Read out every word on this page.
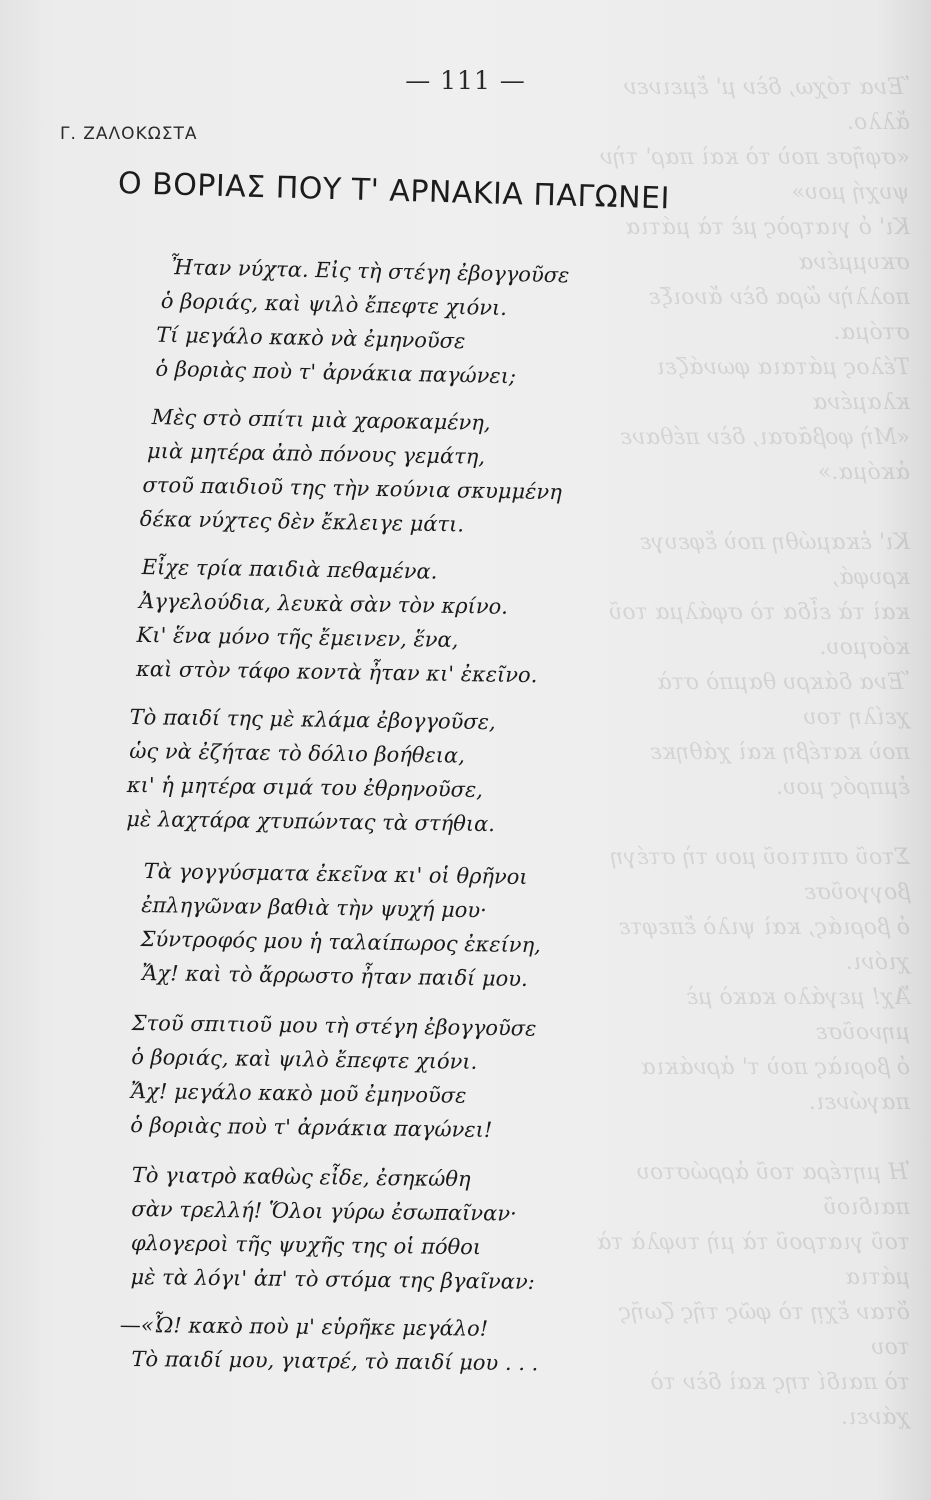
Ἕνα τόχω, δὲν μ' ἔμεινεν ἄλλο.
«σφῆσε ποὺ τὸ καὶ παρ' τὴν ψυχή μου»
Κι' ὁ γιατρὸς μὲ τὰ μάτια σκυμμένα
πολλὴν ὥρα δὲν ἄνοιξε στόμα.
Τέλος μάταια φωνάζει κλαμένα
«Μὴ φοβᾶσαι, δὲν πέθανε ἀκόμα.»

Κι' ἐκαμώθη ποὺ ἔφευγε κρυφά,
καὶ τὰ εἶδα τὸ σφάλμα τοῦ κόσμου.
Ἕνα δάκρυ θαμπὸ στὰ χείλη του
ποὺ κατέβη καὶ χάθηκε ἐμπρός μου.

Στοῦ σπιτιοῦ μου τὴ στέγη βογγοῦσε
ὁ βοριάς, καὶ ψιλὸ ἔπεφτε χιόνι.
Ἄχ! μεγάλο κακὸ μὲ μηνοῦσε
ὁ βοριὰς ποὺ τ' ἀρνάκια παγώνει.

Ἡ μητέρα τοῦ ἀρρώστου παιδιοῦ
τοῦ γιατροῦ τὰ μὴ τυφλὰ τὰ μάτια
ὅταν ἔχῃ τὸ φῶς τῆς ζωῆς του
τὸ παιδί της καὶ δὲν τὸ χάνει.
— 111 —
Γ. ΖΑΛΟΚΩΣΤΑ
Ο ΒΟΡΙΑΣ ΠΟΥ Τ' ΑΡΝΑΚΙΑ ΠΑΓΩΝΕΙ
Ἦταν νύχτα. Εἰς τὴ στέγη ἐβογγοῦσε
ὁ βοριάς, καὶ ψιλὸ ἔπεφτε χιόνι.
Τί μεγάλο κακὸ νὰ ἐμηνοῦσε
ὁ βοριὰς ποὺ τ' ἀρνάκια παγώνει;
Μὲς στὸ σπίτι μιὰ χαροκαμένη,
μιὰ μητέρα ἀπὸ πόνους γεμάτη,
στοῦ παιδιοῦ της τὴν κούνια σκυμμένη
δέκα νύχτες δὲν ἔκλειγε μάτι.
Εἶχε τρία παιδιὰ πεθαμένα.
Ἀγγελούδια, λευκὰ σὰν τὸν κρίνο.
Κι' ἕνα μόνο τῆς ἔμεινεν, ἕνα,
καὶ στὸν τάφο κοντὰ ἦταν κι' ἐκεῖνο.
Τὸ παιδί της μὲ κλάμα ἐβογγοῦσε,
ὡς νὰ ἐζήταε τὸ δόλιο βοήθεια,
κι' ἡ μητέρα σιμά του ἐθρηνοῦσε,
μὲ λαχτάρα χτυπώντας τὰ στήθια.
Τὰ γογγύσματα ἐκεῖνα κι' οἱ θρῆνοι
ἐπληγῶναν βαθιὰ τὴν ψυχή μου·
Σύντροφός μου ἡ ταλαίπωρος ἐκείνη,
Ἄχ! καὶ τὸ ἄρρωστο ἦταν παιδί μου.
Στοῦ σπιτιοῦ μου τὴ στέγη ἐβογγοῦσε
ὁ βοριάς, καὶ ψιλὸ ἔπεφτε χιόνι.
Ἄχ! μεγάλο κακὸ μοῦ ἐμηνοῦσε
ὁ βοριὰς ποὺ τ' ἀρνάκια παγώνει!
Τὸ γιατρὸ καθὼς εἶδε, ἐσηκώθη
σὰν τρελλή! Ὅλοι γύρω ἐσωπαῖναν·
φλογεροὶ τῆς ψυχῆς της οἱ πόθοι
μὲ τὰ λόγι' ἀπ' τὸ στόμα της βγαῖναν:
—«Ὦ! κακὸ ποὺ μ' εὑρῆκε μεγάλο!
Τὸ παιδί μου, γιατρέ, τὸ παιδί μου . . .
